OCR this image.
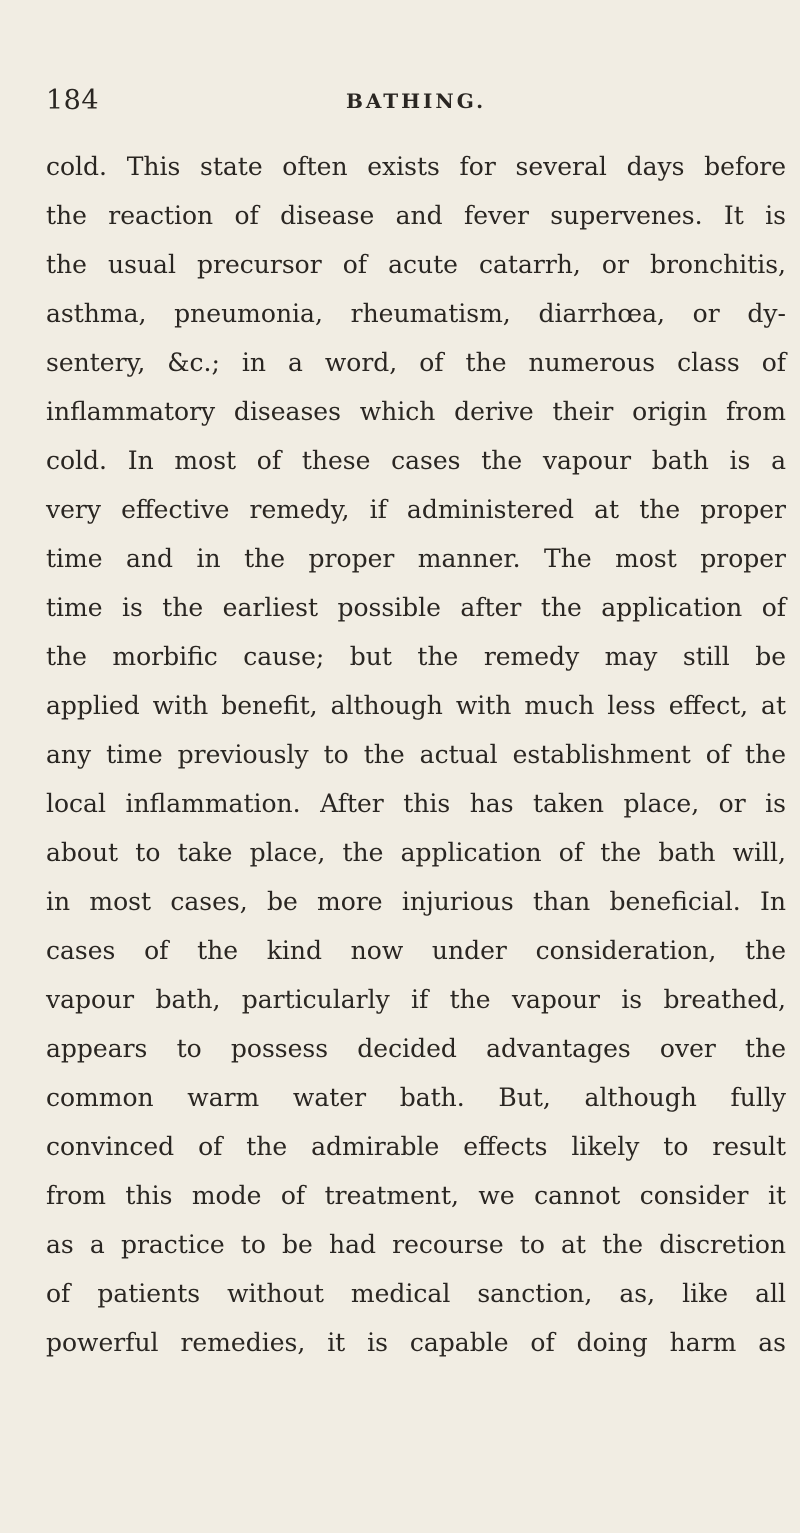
184	BATHING.
cold. This state often exists for several days before
the reaction of disease and fever supervenes. It is
the usual precursor of acute catarrh, or bronchitis,
asthma, pneumonia, rheumatism, diarrhœa, or dy-
sentery, &c.; in a word, of the numerous class of
inflammatory diseases which derive their origin from
cold. In most of these cases the vapour bath is a
very effective remedy, if administered at the proper
time and in the proper manner. The most proper
time is the earliest possible after the application of
the morbific cause; but the remedy may still be
applied with benefit, although with much less effect, at
any time previously to the actual establishment of the
local inflammation. After this has taken place, or is
about to take place, the application of the bath will,
in most cases, be more injurious than beneficial. In
cases of the kind now under consideration, the
vapour bath, particularly if the vapour is breathed,
appears to possess decided advantages over the
common warm water bath. But, although fully
convinced of the admirable effects likely to result
from this mode of treatment, we cannot consider it
as a practice to be had recourse to at the discretion
of patients without medical sanction, as, like all
powerful remedies, it is capable of doing harm as
